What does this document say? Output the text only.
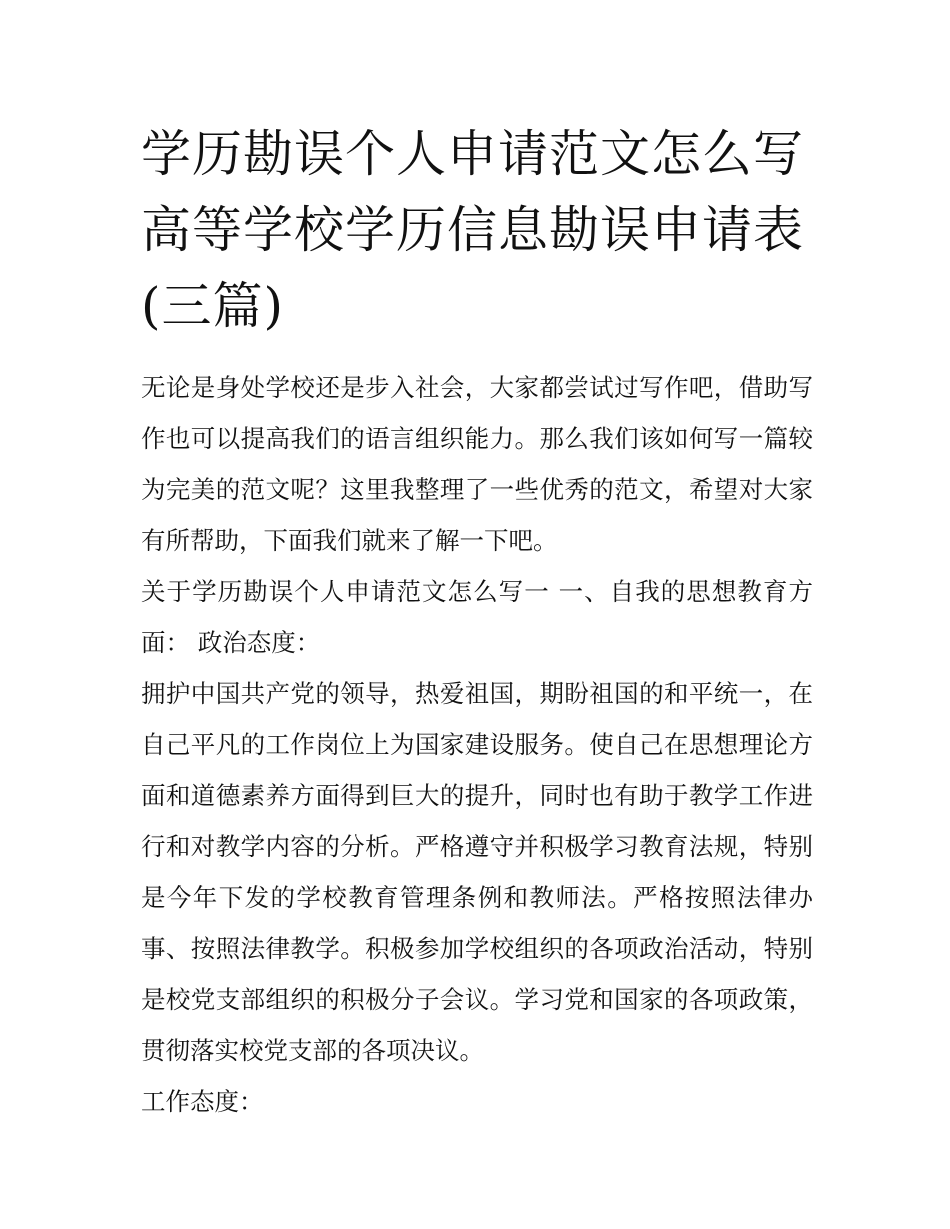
学历勘误个人申请范文怎么写
高等学校学历信息勘误申请表
(三篇)

无论是身处学校还是步入社会，大家都尝试过写作吧，借助写作也可以提高我们的语言组织能力。那么我们该如何写一篇较为完美的范文呢？这里我整理了一些优秀的范文，希望对大家有所帮助，下面我们就来了解一下吧。

关于学历勘误个人申请范文怎么写一 一、自我的思想教育方面： 政治态度：

拥护中国共产党的领导，热爱祖国，期盼祖国的和平统一，在自己平凡的工作岗位上为国家建设服务。使自己在思想理论方面和道德素养方面得到巨大的提升，同时也有助于教学工作进行和对教学内容的分析。严格遵守并积极学习教育法规，特别是今年下发的学校教育管理条例和教师法。严格按照法律办事、按照法律教学。积极参加学校组织的各项政治活动，特别是校党支部组织的积极分子会议。学习党和国家的各项政策，贯彻落实校党支部的各项决议。

工作态度：
